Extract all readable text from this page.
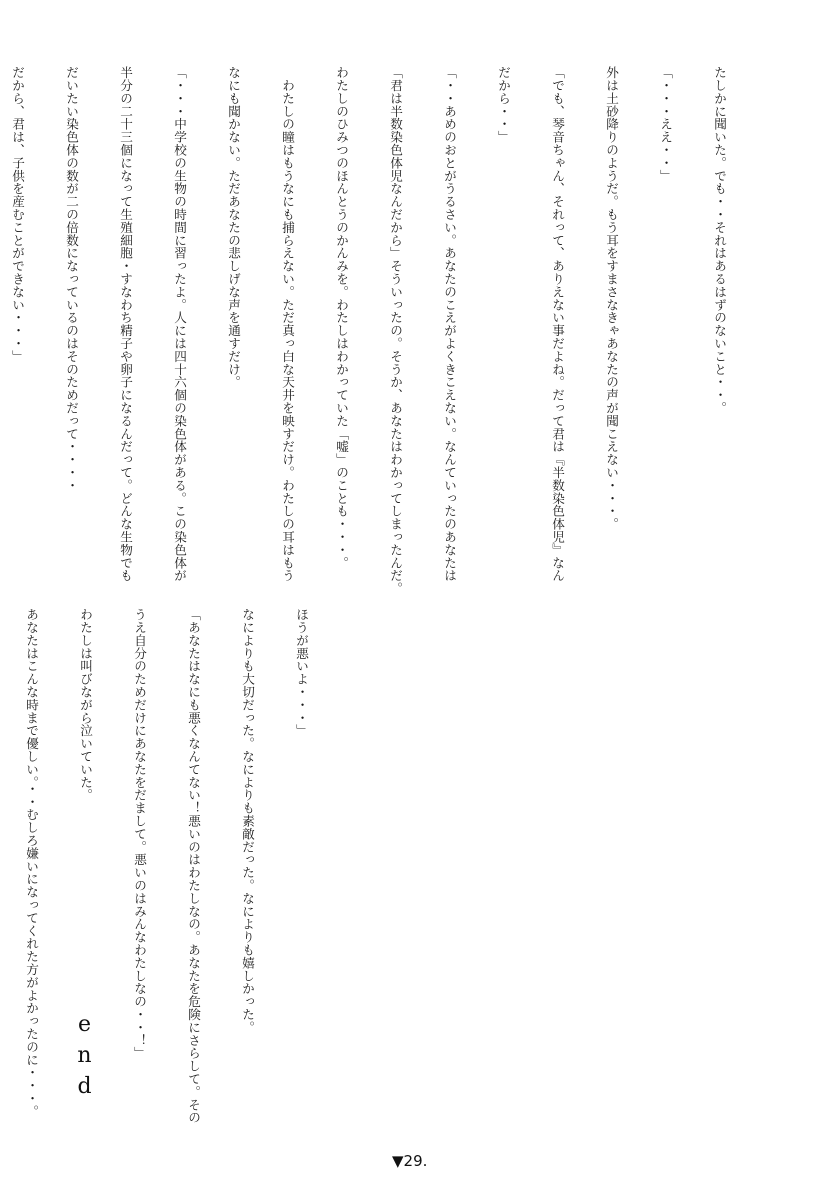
たしかに聞いた。でも・・それはあるはずのないこと・・。

「・・・ええ・・」

外は土砂降りのようだ。もう耳をすまさなきゃあなたの声が聞こえない・・・。

「でも、琴音ちゃん、それって、ありえない事だよね。だって君は『半数染色体児』なん

だから・・」

「・・あめのおとがうるさい。あなたのこえがよくきこえない。なんていったのあなたは

「君は半数染色体児なんだから」そういったの。そうか、あなたはわかってしまったんだ。

わたしのひみつのほんとうのかんみを。わたしはわかっていた「嘘」のことも・・・。

　わたしの瞳はもうなにも捕らえない。ただ真っ白な天井を映すだけ。わたしの耳はもう

なにも聞かない。ただあなたの悲しげな声を通すだけ。

「・・・中学校の生物の時間に習ったよ。人には四十六個の染色体がある。この染色体が

半分の二十三個になって生殖細胞・すなわち精子や卵子になるんだって。どんな生物でも

だいたい染色体の数が二の倍数になっているのはそのためだって・・・・

だから、君は、子供を産むことができない・・・」

ほうが悪いよ・・・」

なによりも大切だった。なによりも素敵だった。なによりも嬉しかった。

「あなたはなにも悪くなんてない！悪いのはわたしなの。あなたを危険にさらして。その

うえ自分のためだけにあなたをだまして。悪いのはみんなわたしなの・・！」

わたしは叫びながら泣いていた。

あなたはこんな時まで優しい。・・むしろ嫌いになってくれた方がよかったのに・・・。

end
▼29.
